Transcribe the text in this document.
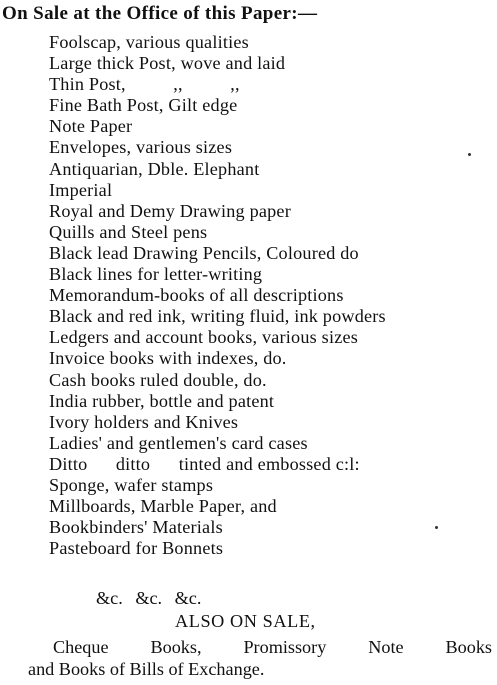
On Sale at the Office of this Paper:—
Foolscap, various qualities
Large thick Post, wove and laid
Thin Post,          ,,          ,,
Fine Bath Post, Gilt edge
Note Paper
Envelopes, various sizes
Antiquarian, Dble. Elephant
Imperial
Royal and Demy Drawing paper
Quills and Steel pens
Black lead Drawing Pencils, Coloured do
Black lines for letter-writing
Memorandum-books of all descriptions
Black and red ink, writing fluid, ink powders
Ledgers and account books, various sizes
Invoice books with indexes, do.
Cash books ruled double, do.
India rubber, bottle and patent
Ivory holders and Knives
Ladies' and gentlemen's card cases
Ditto      ditto      tinted and embossed c:l:
Sponge, wafer stamps
Millboards, Marble Paper, and
Bookbinders' Materials
Pasteboard for Bonnets

&c. &c. &c.

ALSO ON SALE,

Cheque Books, Promissory Note Books
and Books of Bills of Exchange.
